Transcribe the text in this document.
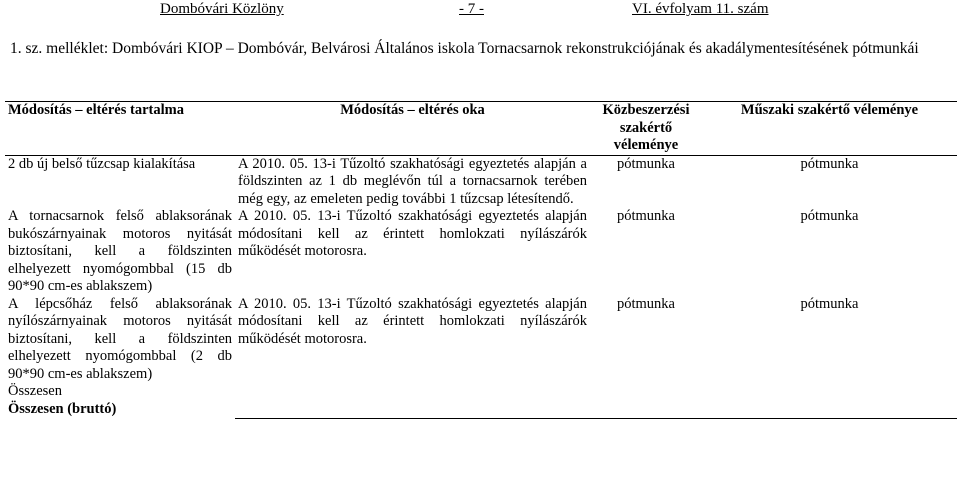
Dombóvári Közlöny	- 7 -	VI. évfolyam 11. szám
1. sz. melléklet: Dombóvári KIOP – Dombóvár, Belvárosi Általános iskola Tornacsarnok rekonstrukciójának és akadálymentesítésének pótmunkái
Módosítás – eltérés tartalma	Módosítás – eltérés oka	Közbeszerzési szakértő véleménye	Műszaki szakértő véleménye
2 db új belső tűzcsap kialakítása	A 2010. 05. 13-i Tűzoltó szakhatósági egyeztetés alapján a földszinten az 1 db meglévőn túl a tornacsarnok terében még egy, az emeleten pedig további 1 tűzcsap létesítendő.	pótmunka	pótmunka
A tornacsarnok felső ablaksorának bukószárnyainak motoros nyitását biztosítani, kell a földszinten elhelyezett nyomógombbal (15 db 90*90 cm-es ablakszem)	A 2010. 05. 13-i Tűzoltó szakhatósági egyeztetés alapján módosítani kell az érintett homlokzati nyílászárók működését motorosra.	pótmunka	pótmunka
A lépcsőház felső ablaksorának nyílószárnyainak motoros nyitását biztosítani, kell a földszinten elhelyezett nyomógombbal (2 db 90*90 cm-es ablakszem)	A 2010. 05. 13-i Tűzoltó szakhatósági egyeztetés alapján módosítani kell az érintett homlokzati nyílászárók működését motorosra.	pótmunka	pótmunka
Összesen			
Összesen (bruttó)			
